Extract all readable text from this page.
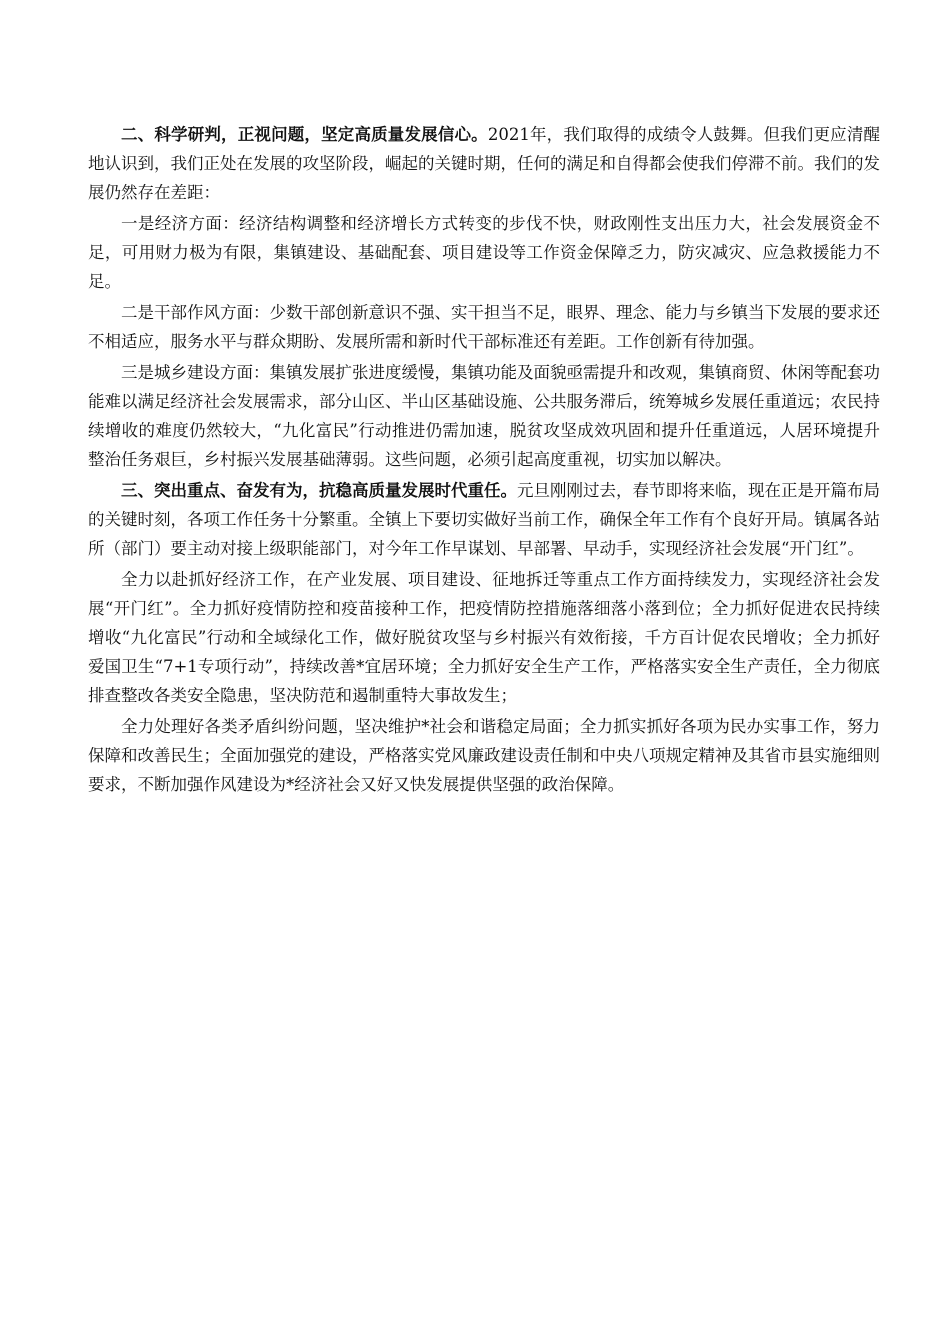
二、科学研判，正视问题，坚定高质量发展信心。2021年，我们取得的成绩令人鼓舞。但我们更应清醒地认识到，我们正处在发展的攻坚阶段，崛起的关键时期，任何的满足和自得都会使我们停滞不前。我们的发展仍然存在差距：

一是经济方面：经济结构调整和经济增长方式转变的步伐不快，财政刚性支出压力大，社会发展资金不足，可用财力极为有限，集镇建设、基础配套、项目建设等工作资金保障乏力，防灾减灾、应急救援能力不足。

二是干部作风方面：少数干部创新意识不强、实干担当不足，眼界、理念、能力与乡镇当下发展的要求还不相适应，服务水平与群众期盼、发展所需和新时代干部标准还有差距。工作创新有待加强。

三是城乡建设方面：集镇发展扩张进度缓慢，集镇功能及面貌亟需提升和改观，集镇商贸、休闲等配套功能难以满足经济社会发展需求，部分山区、半山区基础设施、公共服务滞后，统筹城乡发展任重道远；农民持续增收的难度仍然较大，“九化富民”行动推进仍需加速，脱贫攻坚成效巩固和提升任重道远，人居环境提升整治任务艰巨，乡村振兴发展基础薄弱。这些问题，必须引起高度重视，切实加以解决。

三、突出重点、奋发有为，抗稳高质量发展时代重任。元旦刚刚过去，春节即将来临，现在正是开篇布局的关键时刻，各项工作任务十分繁重。全镇上下要切实做好当前工作，确保全年工作有个良好开局。镇属各站所（部门）要主动对接上级职能部门，对今年工作早谋划、早部署、早动手，实现经济社会发展“开门红”。

全力以赴抓好经济工作，在产业发展、项目建设、征地拆迁等重点工作方面持续发力，实现经济社会发展“开门红”。全力抓好疫情防控和疫苗接种工作，把疫情防控措施落细落小落到位；全力抓好促进农民持续增收“九化富民”行动和全域绿化工作，做好脱贫攻坚与乡村振兴有效衔接，千方百计促农民增收；全力抓好爱国卫生“7+1专项行动”，持续改善*宜居环境；全力抓好安全生产工作，严格落实安全生产责任，全力彻底排查整改各类安全隐患，坚决防范和遏制重特大事故发生；

全力处理好各类矛盾纠纷问题，坚决维护*社会和谐稳定局面；全力抓实抓好各项为民办实事工作，努力保障和改善民生；全面加强党的建设，严格落实党风廉政建设责任制和中央八项规定精神及其省市县实施细则要求，不断加强作风建设为*经济社会又好又快发展提供坚强的政治保障。
